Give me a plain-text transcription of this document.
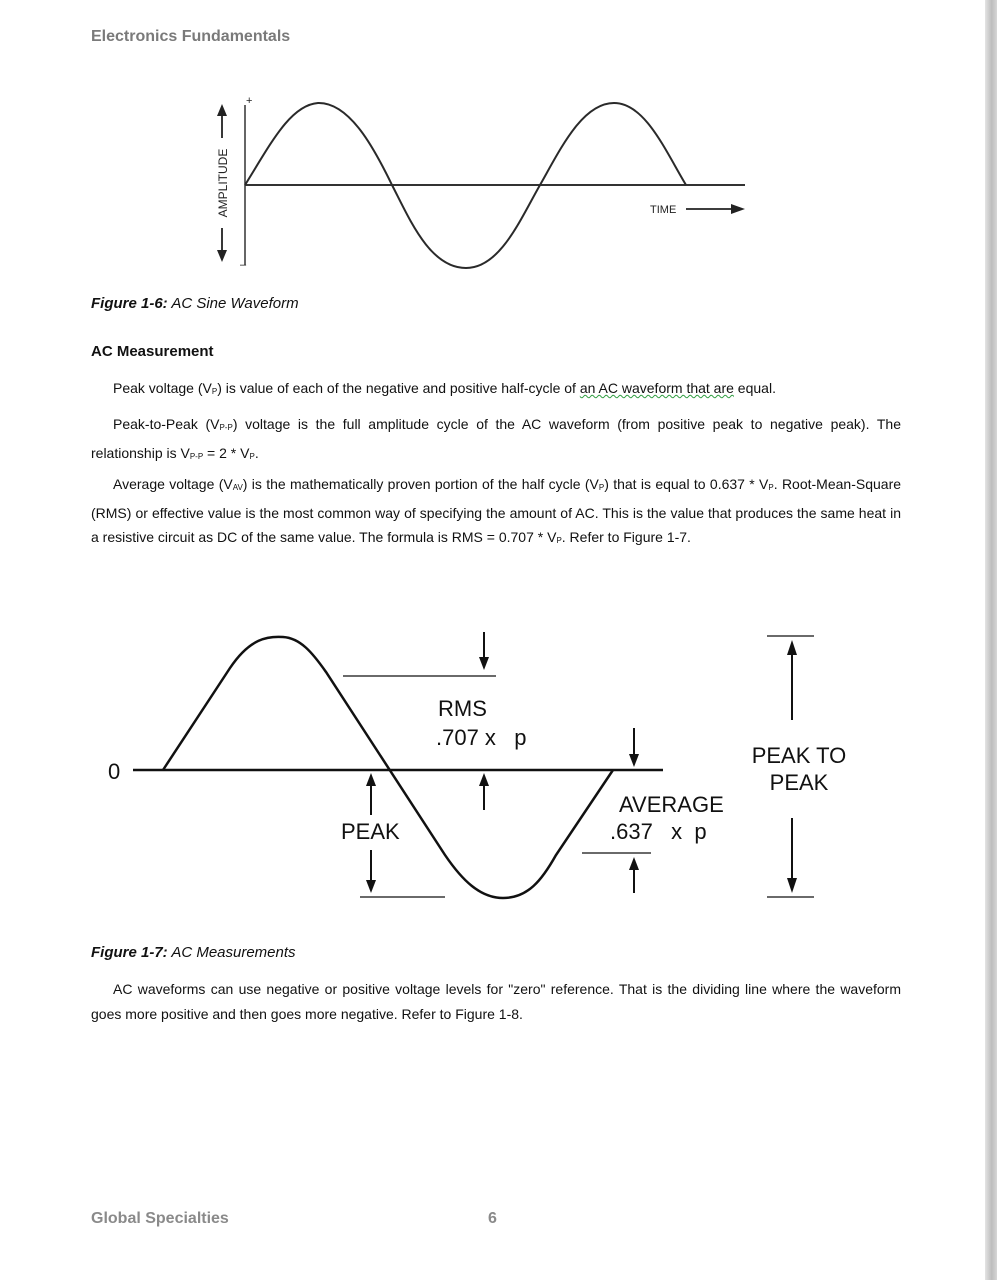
Electronics Fundamentals
AMPLITUDE
+
–
TIME
Figure 1-6: AC Sine Waveform
AC Measurement

Peak voltage $(V_P)$ is value of each of the negative and positive half-cycle of an AC waveform that are equal.

Peak-to-Peak $(V_{P-P})$ voltage is the full amplitude cycle of the AC waveform (from positive peak to negative peak). The relationship is $V_{P-P} = 2 * V_P$.

Average voltage $(V_{AV})$ is the mathematically proven portion of the half cycle $(V_P)$ that is equal to $0.637 * V_P$. Root-Mean-Square (RMS) or effective value is the most common way of specifying the amount of AC. This is the value that produces the same heat in a resistive circuit as DC of the same value. The formula is RMS = $0.707 * V_P$. Refer to Figure 1-7.

0
RMS
.707 x   p
PEAK
AVERAGE
.637   x  p
PEAK TO
PEAK
Figure 1-7: AC Measurements

AC waveforms can use negative or positive voltage levels for "zero" reference. That is the dividing line where the waveform goes more positive and then goes more negative. Refer to Figure 1-8.

Global Specialties	6
